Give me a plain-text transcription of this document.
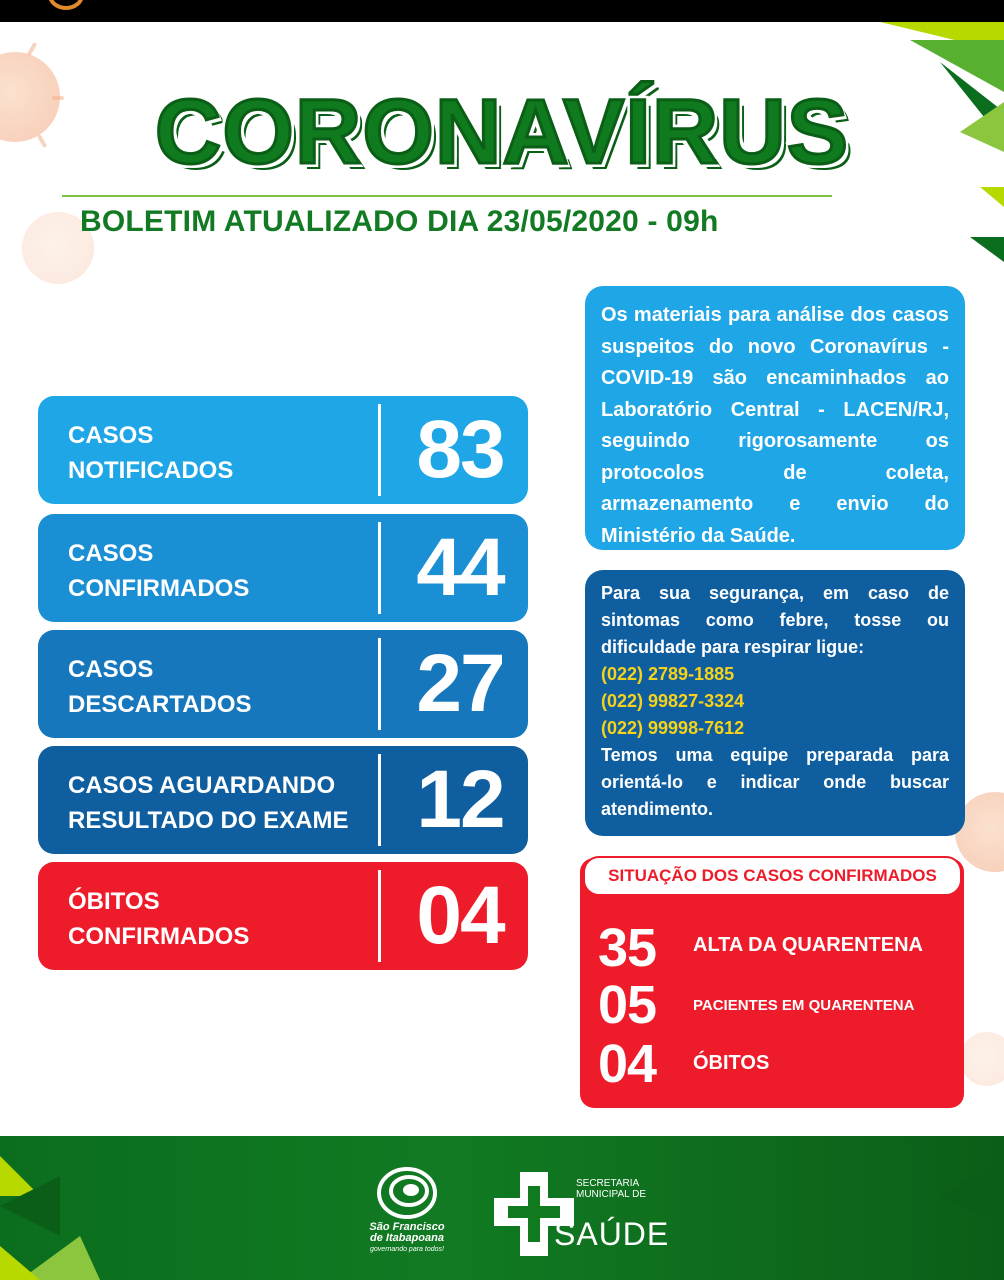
CORONAVÍRUS
BOLETIM ATUALIZADO DIA 23/05/2020 - 09h
CASOS
NOTIFICADOS	83
CASOS
CONFIRMADOS	44
CASOS
DESCARTADOS	27
CASOS AGUARDANDO
RESULTADO DO EXAME 12
ÓBITOS
CONFIRMADOS	04
Os materiais para análise dos casos suspeitos do novo Coronavírus - COVID-19 são encaminhados ao Laboratório Central - LACEN/RJ, seguindo rigorosamente os protocolos de coleta, armazenamento e envio do Ministério da Saúde.
Para sua segurança, em caso de sintomas como febre, tosse ou dificuldade para respirar ligue:
(022) 2789-1885
(022) 99827-3324
(022) 99998-7612
Temos uma equipe preparada para orientá-lo e indicar onde buscar atendimento.
SITUAÇÃO DOS CASOS CONFIRMADOS
35	ALTA DA QUARENTENA
05	PACIENTES EM QUARENTENA
04	ÓBITOS
São Francisco
de Itabapoana
governando para todos!
SECRETARIA
MUNICIPAL DE
SAÚDE
